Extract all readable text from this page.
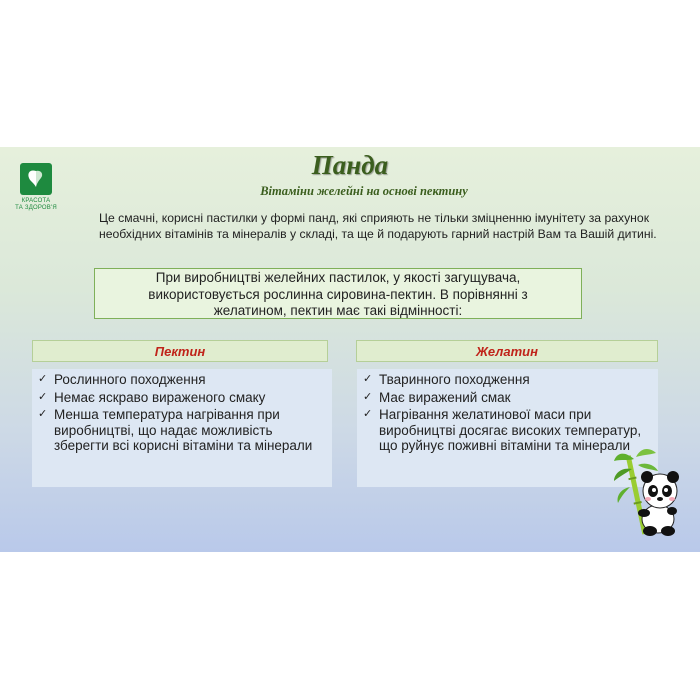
КРАСОТА
ТА ЗДОРОВ'Я
Панда
Вітаміни желейні на основі пектину
Це смачні, корисні пастилки у формі панд, які сприяють не тільки зміцненню імунітету за рахунок необхідних вітамінів та мінералів у складі, та ще й подарують гарний настрій Вам та Вашій дитині.
При виробництві желейних пастилок, у якості загущувача,
використовується рослинна сировина-пектин. В порівнянні з
желатином, пектин має такі відмінності:
Пектин
✓ Рослинного походження
✓ Немає яскраво вираженого смаку
✓ Менша температура нагрівання при виробництві, що надає можливість зберегти всі корисні вітаміни та мінерали
Желатин
✓ Тваринного походження
✓ Має виражений смак
✓ Нагрівання желатинової маси при виробництві досягає високих температур, що руйнує поживні вітаміни та мінерали
